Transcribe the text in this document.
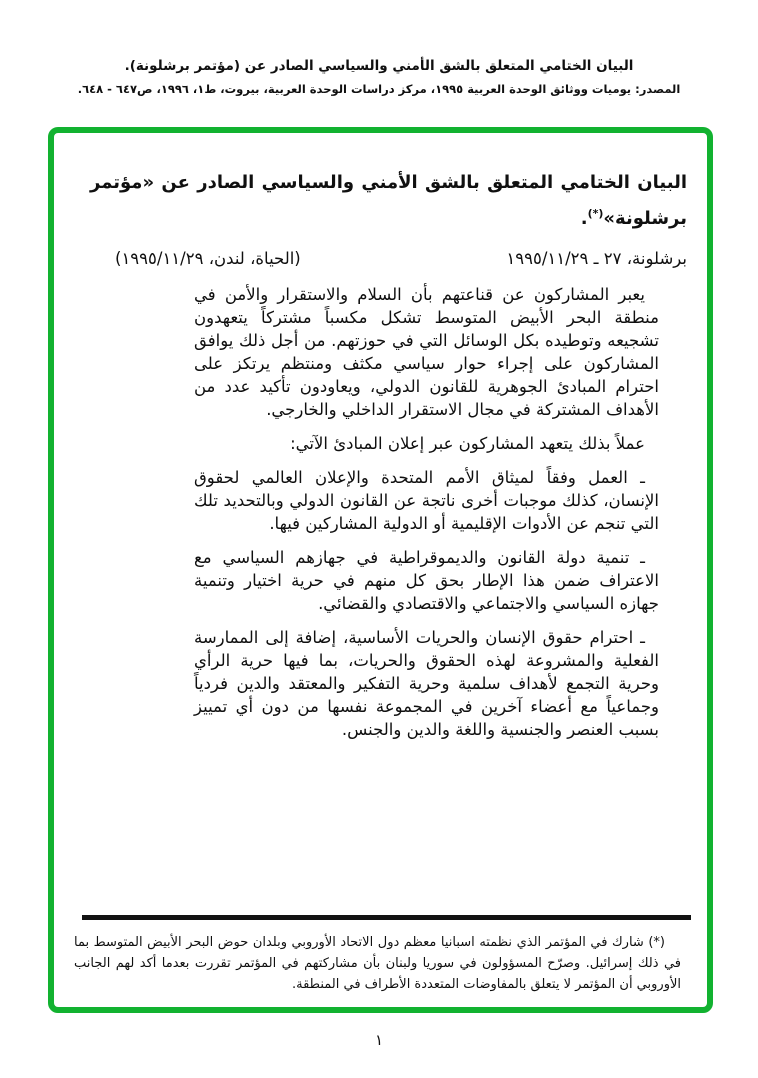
البيان الختامي المتعلق بالشق الأمني والسياسي الصادر عن (مؤتمر برشلونة).
المصدر: يوميات ووثائق الوحدة العربية ١٩٩٥، مركز دراسات الوحدة العربية، بيروت، ط١، ١٩٩٦، ص٦٤٧ - ٦٤٨.
البيان الختامي المتعلق بالشق الأمني والسياسي الصادر عن «مؤتمر
برشلونة»(*).
برشلونة، ٢٧ ـ ١٩٩٥/١١/٢٩
(الحياة، لندن، ١٩٩٥/١١/٢٩)

يعبر المشاركون عن قناعتهم بأن السلام والاستقرار والأمن في منطقة البحر الأبيض المتوسط تشكل مكسباً مشتركاً يتعهدون تشجيعه وتوطيده بكل الوسائل التي في حوزتهم. من أجل ذلك يوافق المشاركون على إجراء حوار سياسي مكثف ومنتظم يرتكز على احترام المبادئ الجوهرية للقانون الدولي، ويعاودون تأكيد عدد من الأهداف المشتركة في مجال الاستقرار الداخلي والخارجي.

عملاً بذلك يتعهد المشاركون عبر إعلان المبادئ الآتي:

ـ العمل وفقاً لميثاق الأمم المتحدة والإعلان العالمي لحقوق الإنسان، كذلك موجبات أخرى ناتجة عن القانون الدولي وبالتحديد تلك التي تنجم عن الأدوات الإقليمية أو الدولية المشاركين فيها.

ـ تنمية دولة القانون والديموقراطية في جهازهم السياسي مع الاعتراف ضمن هذا الإطار بحق كل منهم في حرية اختيار وتنمية جهازه السياسي والاجتماعي والاقتصادي والقضائي.

ـ احترام حقوق الإنسان والحريات الأساسية، إضافة إلى الممارسة الفعلية والمشروعة لهذه الحقوق والحريات، بما فيها حرية الرأي وحرية التجمع لأهداف سلمية وحرية التفكير والمعتقد والدين فردياً وجماعياً مع أعضاء آخرين في المجموعة نفسها من دون أي تمييز بسبب العنصر والجنسية واللغة والدين والجنس.

(*) شارك في المؤتمر الذي نظمته اسبانيا معظم دول الاتحاد الأوروبي وبلدان حوض البحر الأبيض المتوسط بما في ذلك إسرائيل. وصرّح المسؤولون في سوريا ولبنان بأن مشاركتهم في المؤتمر تقررت بعدما أكد لهم الجانب الأوروبي أن المؤتمر لا يتعلق بالمفاوضات المتعددة الأطراف في المنطقة.

١
